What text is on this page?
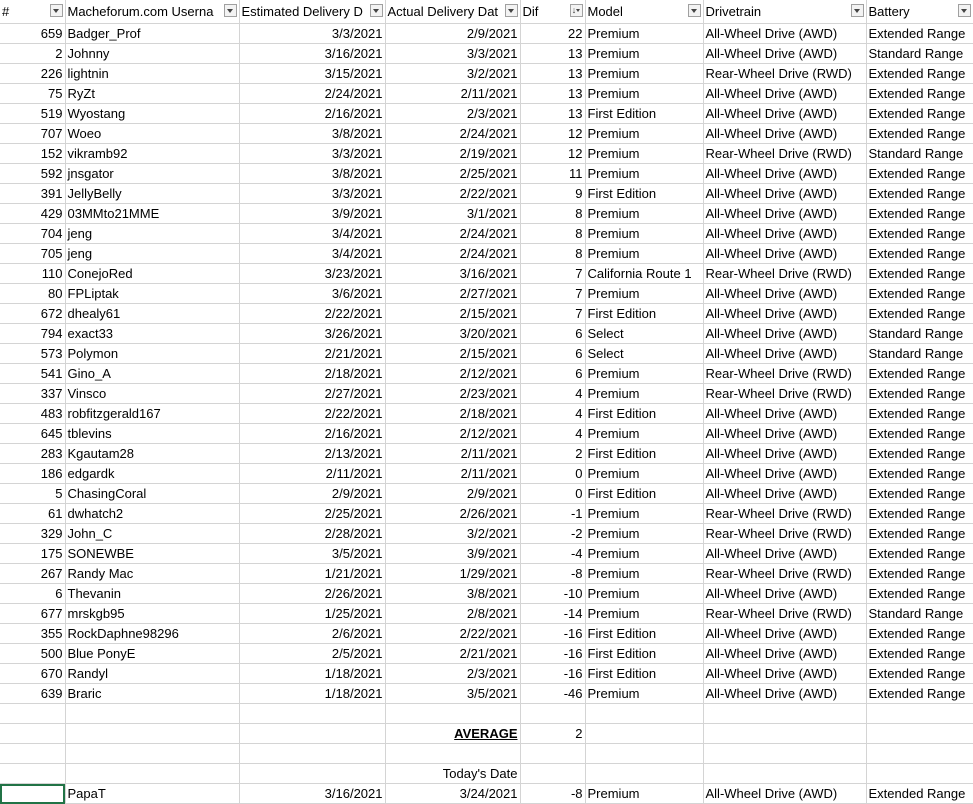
#	Macheforum.com Userna	Estimated Delivery D	Actual Delivery Dat	Dif ↓	Model	Drivetrain	Battery

659	Badger_Prof	3/3/2021	2/9/2021	22	Premium	All-Wheel Drive (AWD)	Extended Range
2	Johnny	3/16/2021	3/3/2021	13	Premium	All-Wheel Drive (AWD)	Standard Range
226	lightnin	3/15/2021	3/2/2021	13	Premium	Rear-Wheel Drive (RWD)	Extended Range
75	RyZt	2/24/2021	2/11/2021	13	Premium	All-Wheel Drive (AWD)	Extended Range
519	Wyostang	2/16/2021	2/3/2021	13	First Edition	All-Wheel Drive (AWD)	Extended Range
707	Woeo	3/8/2021	2/24/2021	12	Premium	All-Wheel Drive (AWD)	Extended Range
152	vikramb92	3/3/2021	2/19/2021	12	Premium	Rear-Wheel Drive (RWD)	Standard Range
592	jnsgator	3/8/2021	2/25/2021	11	Premium	All-Wheel Drive (AWD)	Extended Range
391	JellyBelly	3/3/2021	2/22/2021	9	First Edition	All-Wheel Drive (AWD)	Extended Range
429	03MMto21MME	3/9/2021	3/1/2021	8	Premium	All-Wheel Drive (AWD)	Extended Range
704	jeng	3/4/2021	2/24/2021	8	Premium	All-Wheel Drive (AWD)	Extended Range
705	jeng	3/4/2021	2/24/2021	8	Premium	All-Wheel Drive (AWD)	Extended Range
110	ConejoRed	3/23/2021	3/16/2021	7	California Route 1	Rear-Wheel Drive (RWD)	Extended Range
80	FPLiptak	3/6/2021	2/27/2021	7	Premium	All-Wheel Drive (AWD)	Extended Range
672	dhealy61	2/22/2021	2/15/2021	7	First Edition	All-Wheel Drive (AWD)	Extended Range
794	exact33	3/26/2021	3/20/2021	6	Select	All-Wheel Drive (AWD)	Standard Range
573	Polymon	2/21/2021	2/15/2021	6	Select	All-Wheel Drive (AWD)	Standard Range
541	Gino_A	2/18/2021	2/12/2021	6	Premium	Rear-Wheel Drive (RWD)	Extended Range
337	Vinsco	2/27/2021	2/23/2021	4	Premium	Rear-Wheel Drive (RWD)	Extended Range
483	robfitzgerald167	2/22/2021	2/18/2021	4	First Edition	All-Wheel Drive (AWD)	Extended Range
645	tblevins	2/16/2021	2/12/2021	4	Premium	All-Wheel Drive (AWD)	Extended Range
283	Kgautam28	2/13/2021	2/11/2021	2	First Edition	All-Wheel Drive (AWD)	Extended Range
186	edgardk	2/11/2021	2/11/2021	0	Premium	All-Wheel Drive (AWD)	Extended Range
5	ChasingCoral	2/9/2021	2/9/2021	0	First Edition	All-Wheel Drive (AWD)	Extended Range
61	dwhatch2	2/25/2021	2/26/2021	-1	Premium	Rear-Wheel Drive (RWD)	Extended Range
329	John_C	2/28/2021	3/2/2021	-2	Premium	Rear-Wheel Drive (RWD)	Extended Range
175	SONEWBE	3/5/2021	3/9/2021	-4	Premium	All-Wheel Drive (AWD)	Extended Range
267	Randy Mac	1/21/2021	1/29/2021	-8	Premium	Rear-Wheel Drive (RWD)	Extended Range
6	Thevanin	2/26/2021	3/8/2021	-10	Premium	All-Wheel Drive (AWD)	Extended Range
677	mrskgb95	1/25/2021	2/8/2021	-14	Premium	Rear-Wheel Drive (RWD)	Standard Range
355	RockDaphne98296	2/6/2021	2/22/2021	-16	First Edition	All-Wheel Drive (AWD)	Extended Range
500	Blue PonyE	2/5/2021	2/21/2021	-16	First Edition	All-Wheel Drive (AWD)	Extended Range
670	Randyl	1/18/2021	2/3/2021	-16	First Edition	All-Wheel Drive (AWD)	Extended Range
639	Braric	1/18/2021	3/5/2021	-46	Premium	All-Wheel Drive (AWD)	Extended Range

			AVERAGE	2			

			Today's Date				
	PapaT	3/16/2021	3/24/2021	-8	Premium	All-Wheel Drive (AWD)	Extended Range
